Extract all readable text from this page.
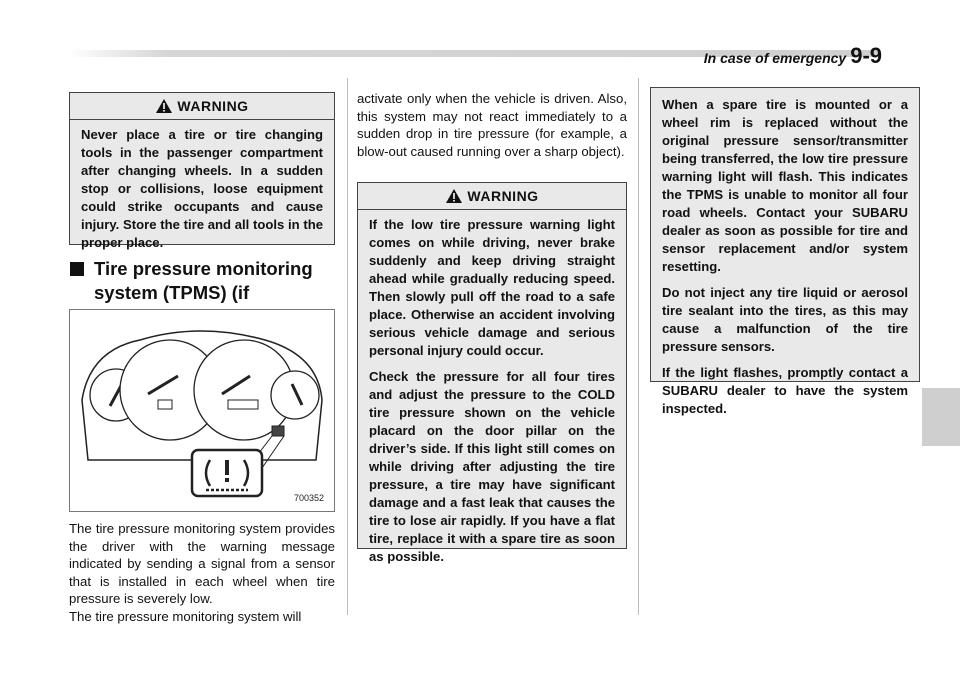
In case of emergency 9-9
WARNING

Never place a tire or tire changing tools in the passenger compartment after changing wheels. In a sudden stop or collisions, loose equipment could strike occupants and cause injury. Store the tire and all tools in the proper place.

Tire pressure monitoring system (TPMS) (if
700352

The tire pressure monitoring system provides the driver with the warning message indicated by sending a signal from a sensor that is installed in each wheel when tire pressure is severely low.

The tire pressure monitoring system will

activate only when the vehicle is driven. Also, this system may not react immediately to a sudden drop in tire pressure (for example, a blow-out caused running over a sharp object).

WARNING

If the low tire pressure warning light comes on while driving, never brake suddenly and keep driving straight ahead while gradually reducing speed. Then slowly pull off the road to a safe place. Otherwise an accident involving serious vehicle damage and serious personal injury could occur.

Check the pressure for all four tires and adjust the pressure to the COLD tire pressure shown on the vehicle placard on the door pillar on the driver’s side. If this light still comes on while driving after adjusting the tire pressure, a tire may have significant damage and a fast leak that causes the tire to lose air rapidly. If you have a flat tire, replace it with a spare tire as soon as possible.

When a spare tire is mounted or a wheel rim is replaced without the original pressure sensor/transmitter being transferred, the low tire pressure warning light will flash. This indicates the TPMS is unable to monitor all four road wheels. Contact your SUBARU dealer as soon as possible for tire and sensor replacement and/or system resetting.

Do not inject any tire liquid or aerosol tire sealant into the tires, as this may cause a malfunction of the tire pressure sensors.

If the light flashes, promptly contact a SUBARU dealer to have the system inspected.
